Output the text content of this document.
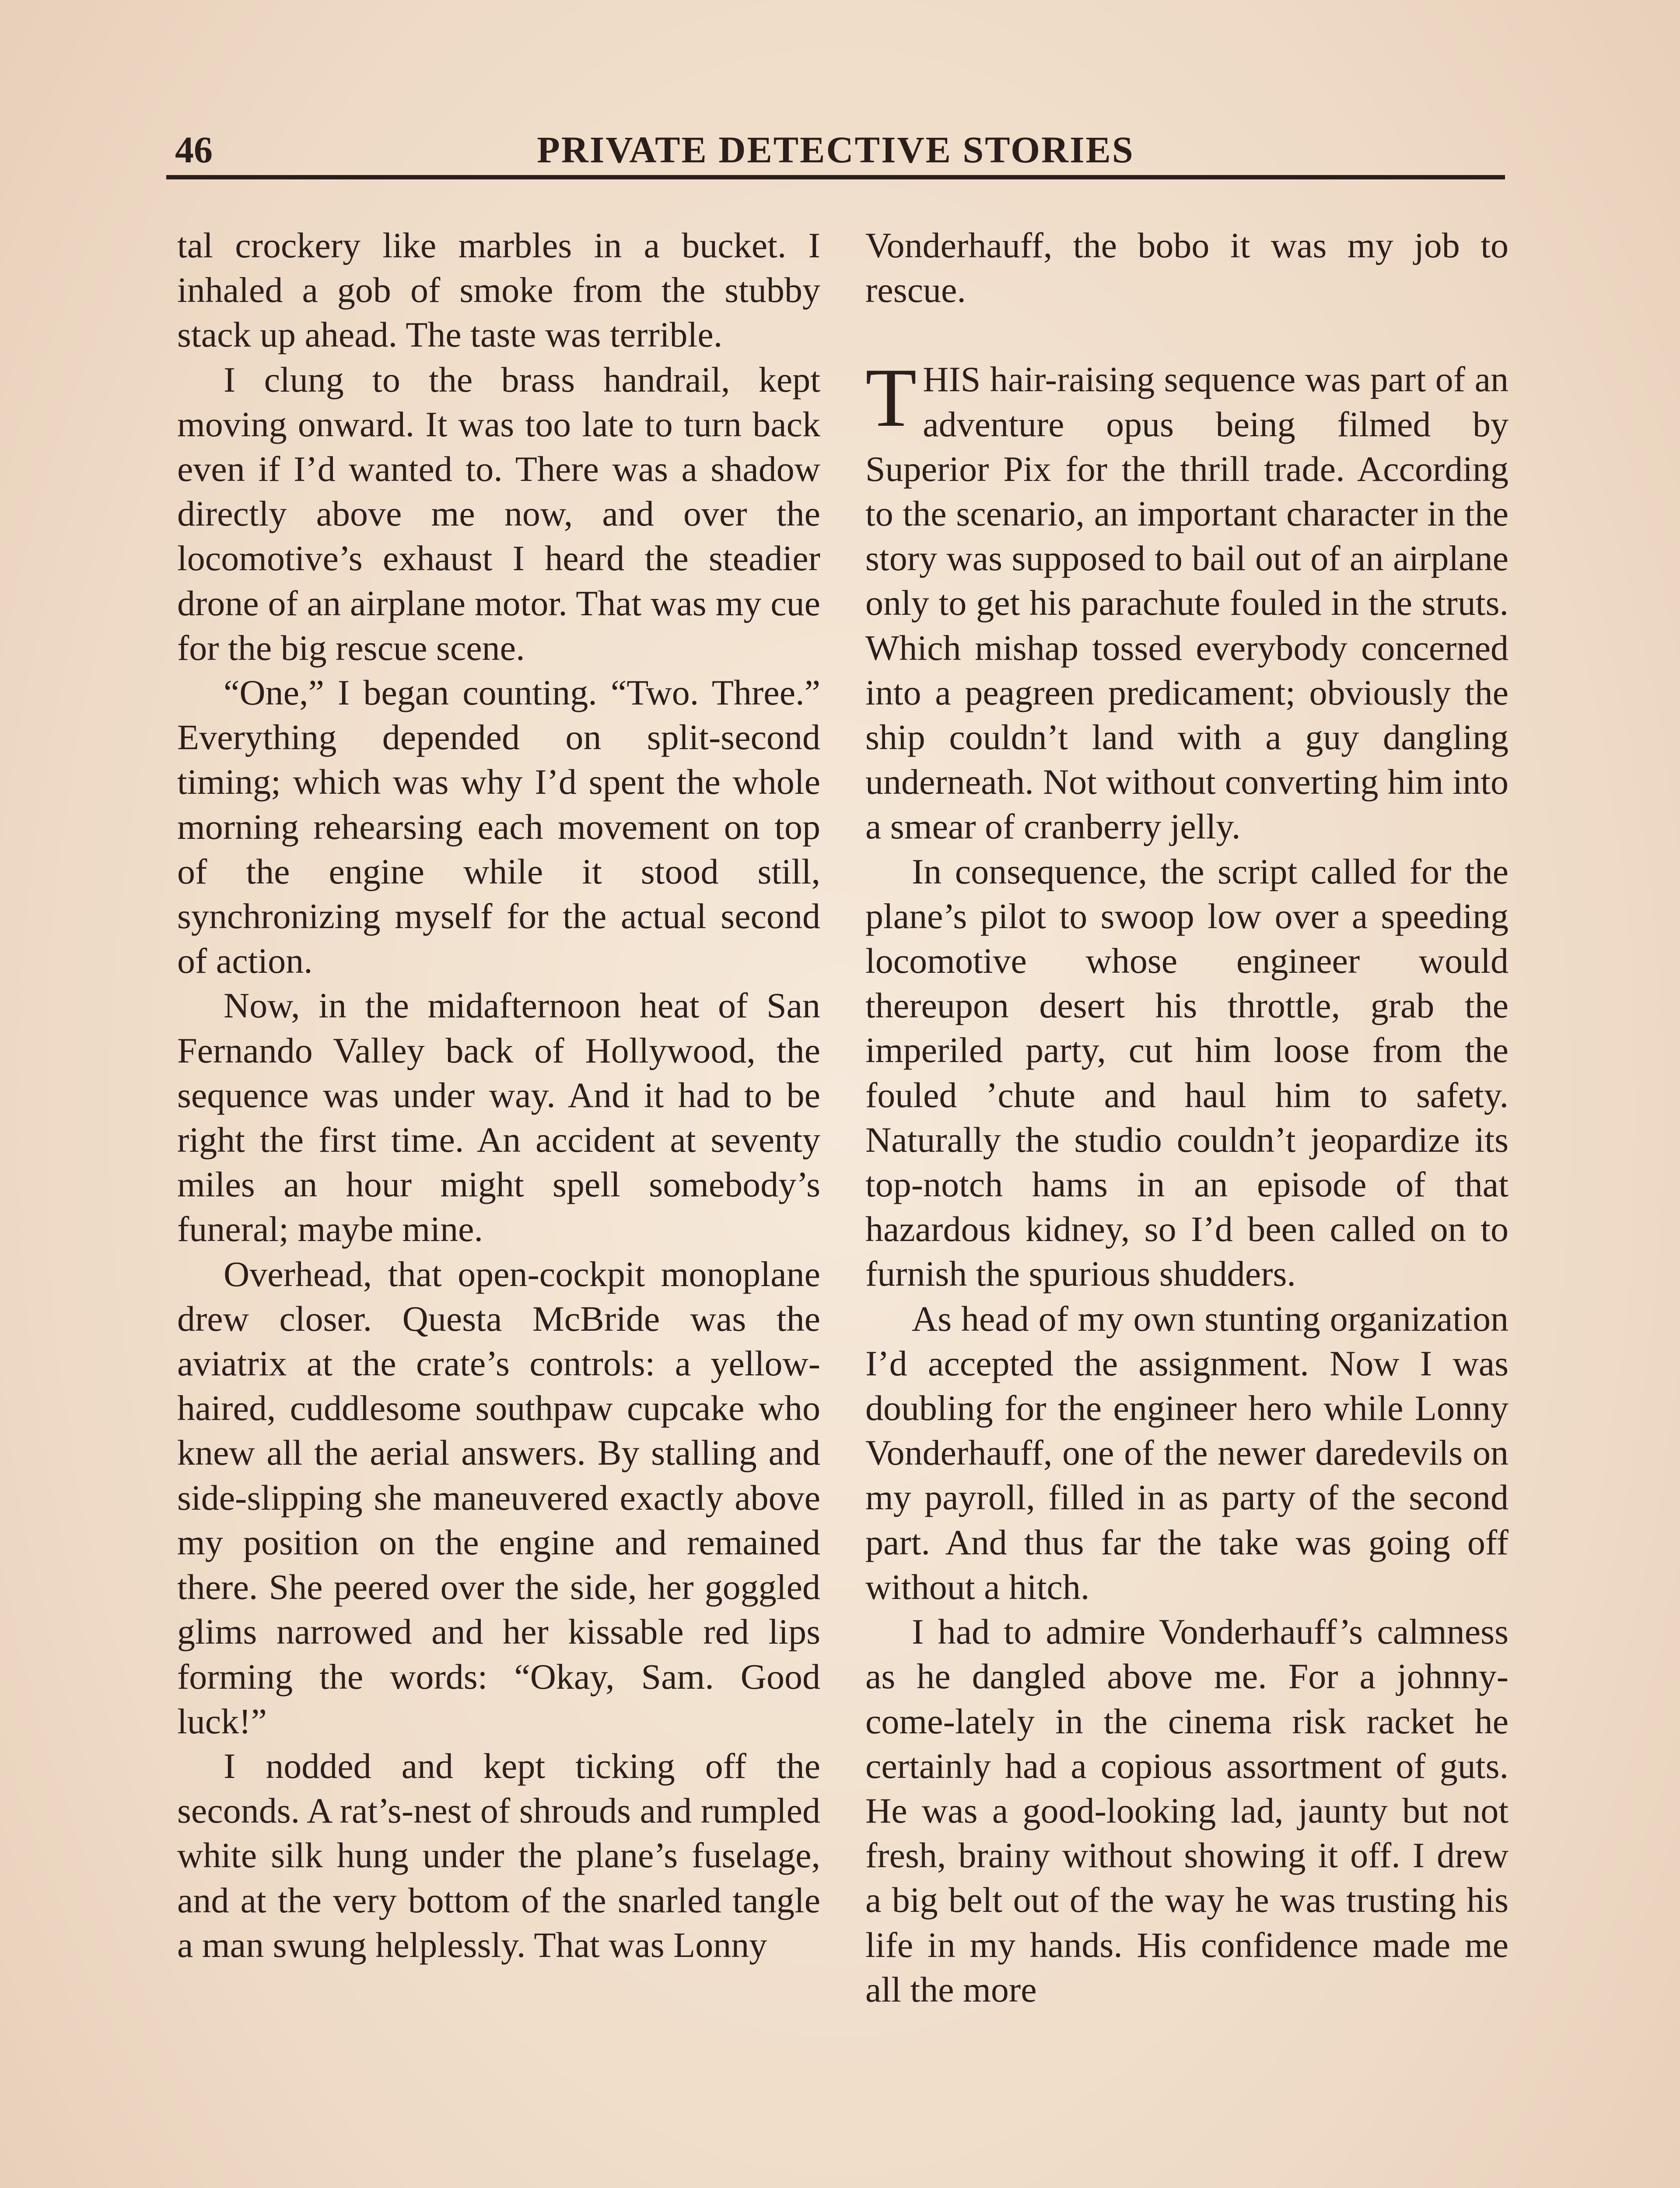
46	PRIVATE DETECTIVE STORIES

tal crockery like marbles in a bucket. I inhaled a gob of smoke from the stubby stack up ahead. The taste was terrible.

I clung to the brass handrail, kept moving onward. It was too late to turn back even if I’d wanted to. There was a shadow directly above me now, and over the locomotive’s exhaust I heard the steadier drone of an airplane motor. That was my cue for the big rescue scene.

“One,” I began counting. “Two. Three.” Everything depended on split-second timing; which was why I’d spent the whole morning rehearsing each movement on top of the engine while it stood still, synchronizing myself for the actual second of action.

Now, in the midafternoon heat of San Fernando Valley back of Hollywood, the sequence was under way. And it had to be right the first time. An accident at seventy miles an hour might spell somebody’s funeral; maybe mine.

Overhead, that open-cockpit monoplane drew closer. Questa McBride was the aviatrix at the crate’s controls: a yellow-haired, cuddlesome southpaw cupcake who knew all the aerial answers. By stalling and side-slipping she maneuvered exactly above my position on the engine and remained there. She peered over the side, her goggled glims narrowed and her kissable red lips forming the words: “Okay, Sam. Good luck!”

I nodded and kept ticking off the seconds. A rat’s-nest of shrouds and rumpled white silk hung under the plane’s fuselage, and at the very bottom of the snarled tangle a man swung helplessly. That was Lonny

Vonderhauff, the bobo it was my job to rescue.

THIS hair-raising sequence was part of an adventure opus being filmed by Superior Pix for the thrill trade. According to the scenario, an important character in the story was supposed to bail out of an airplane only to get his parachute fouled in the struts. Which mishap tossed everybody concerned into a peagreen predicament; obviously the ship couldn’t land with a guy dangling underneath. Not without converting him into a smear of cranberry jelly.

In consequence, the script called for the plane’s pilot to swoop low over a speeding locomotive whose engineer would thereupon desert his throttle, grab the imperiled party, cut him loose from the fouled ’chute and haul him to safety. Naturally the studio couldn’t jeopardize its top-notch hams in an episode of that hazardous kidney, so I’d been called on to furnish the spurious shudders.

As head of my own stunting organization I’d accepted the assignment. Now I was doubling for the engineer hero while Lonny Vonderhauff, one of the newer daredevils on my payroll, filled in as party of the second part. And thus far the take was going off without a hitch.

I had to admire Vonderhauff’s calmness as he dangled above me. For a johnny-come-lately in the cinema risk racket he certainly had a copious assortment of guts. He was a good-looking lad, jaunty but not fresh, brainy without showing it off. I drew a big belt out of the way he was trusting his life in my hands. His confidence made me all the more
